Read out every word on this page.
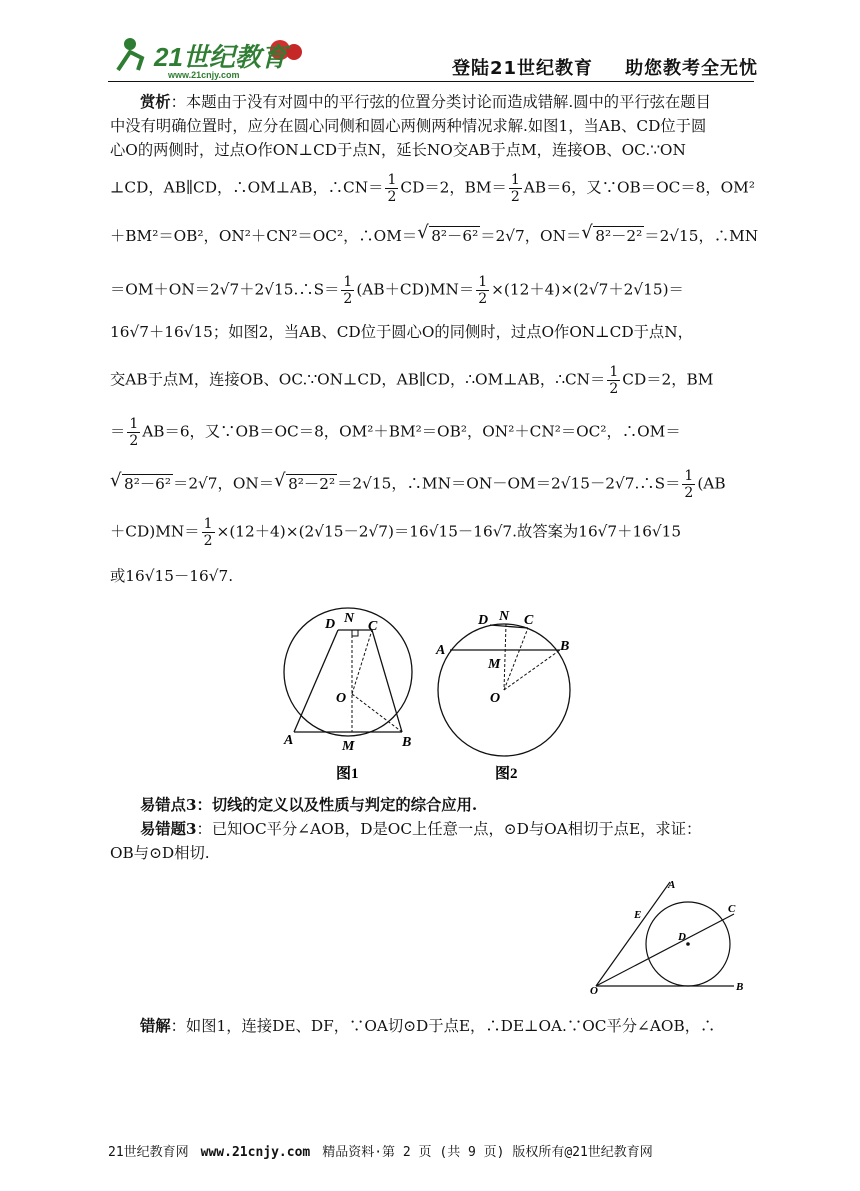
21世纪教育
www.21cnjy.com	登陆21世纪教育 助您教考全无忧
赏析：本题由于没有对圆中的平行弦的位置分类讨论而造成错解.圆中的平行弦在题目
中没有明确位置时，应分在圆心同侧和圆心两侧两种情况求解.如图1，当AB、CD位于圆
心O的两侧时，过点O作ON⊥CD于点N，延长NO交AB于点M，连接OB、OC.∵ON
⊥CD，AB∥CD，∴OM⊥AB，∴CN＝ $\frac{1}{2} CD=2$，$BM= \frac{1}{2} AB=6$，又∵OB＝OC＝8，OM²
＋BM²＝OB²，ON²＋CN²＝OC²，∴OM＝ √ 8²－6² ＝2√7，ON＝ √ 8²－2² ＝2√15，∴MN
＝OM＋ON＝2√7＋2√15.∴S＝ $\frac{1}{2} (AB+CD)MN= \frac{1}{2} \times(12+4)\times(2√7+2√15)=$
16√7＋16√15；如图2，当AB、CD位于圆心O的同侧时，过点O作ON⊥CD于点N，
交AB于点M，连接OB、OC.∵ON⊥CD，AB∥CD，∴OM⊥AB，∴CN＝ $\frac{1}{2} CD=2$，BM
＝ $\frac{1}{2} AB=6$，又∵OB＝OC＝8，OM²＋BM²＝OB²，ON²＋CN²＝OC²，∴OM＝
√ 8²－6² ＝2√7，ON＝ √ 8²－2² ＝2√15，∴MN＝ON－OM＝2√15－2√7.∴S＝ $\frac{1}{2} (AB$
$+CD)MN= \frac{1}{2} \times(12+4)\times(2√15-2√7)=16√15-16√7$.故答案为16√7＋16√15
或16√15－16√7.
D N
C
O
A	M	B
D N C
A
M
B
O
图1	图2
易错点3：切线的定义以及性质与判定的综合应用.
易错题3：已知OC平分∠AOB，D是OC上任意一点，⊙D与OA相切于点E，求证：
OB与⊙D相切.
A
E	C
D
O	B
错解：如图1，连接DE、DF，∵OA切⊙D于点E，∴DE⊥OA.∵OC平分∠AOB，∴
21世纪教育网 www.21cnjy.com 精品资料·第 2 页 (共 9 页) 版权所有@21世纪教育网
